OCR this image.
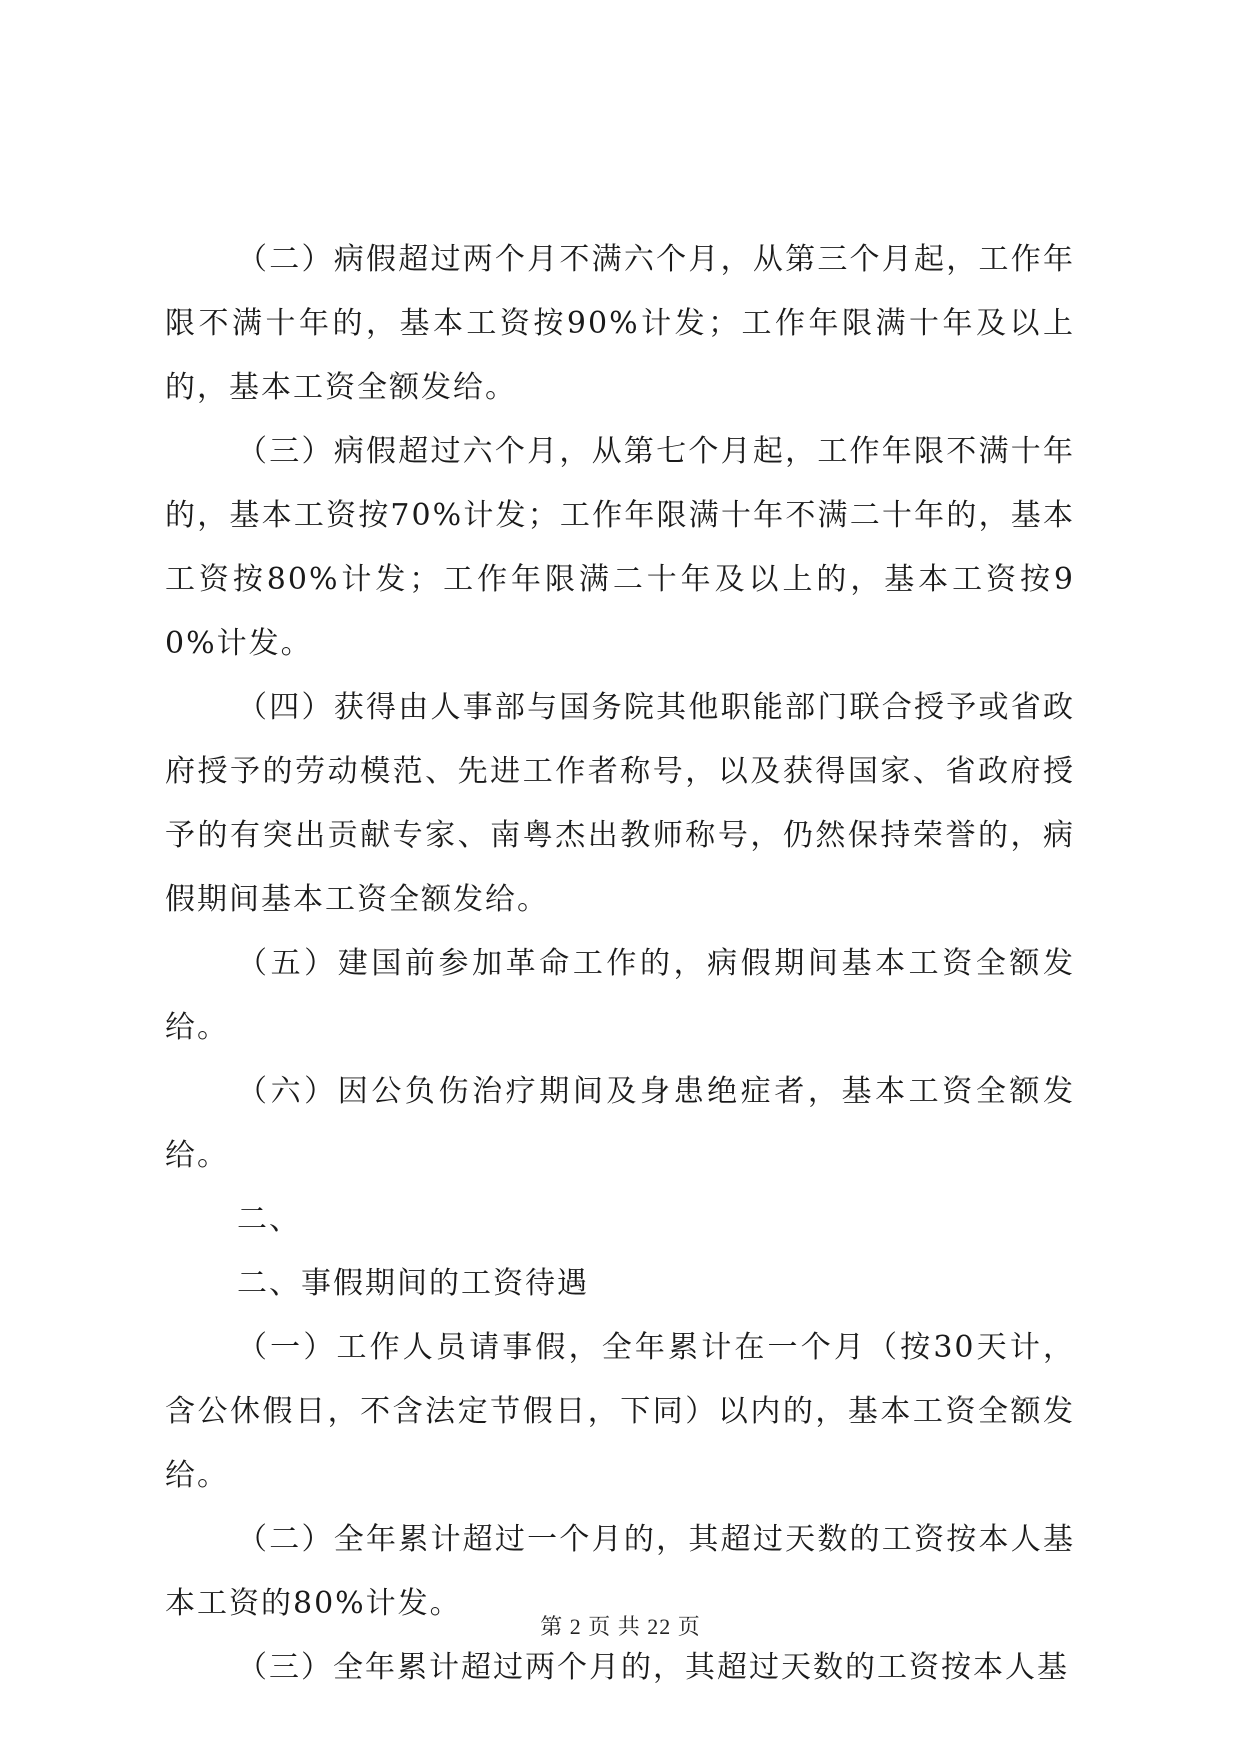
（二）病假超过两个月不满六个月，从第三个月起，工作年限不满十年的，基本工资按90%计发；工作年限满十年及以上的，基本工资全额发给。

（三）病假超过六个月，从第七个月起，工作年限不满十年的，基本工资按70%计发；工作年限满十年不满二十年的，基本工资按80%计发；工作年限满二十年及以上的，基本工资按90%计发。

（四）获得由人事部与国务院其他职能部门联合授予或省政府授予的劳动模范、先进工作者称号，以及获得国家、省政府授予的有突出贡献专家、南粤杰出教师称号，仍然保持荣誉的，病假期间基本工资全额发给。

（五）建国前参加革命工作的，病假期间基本工资全额发给。

（六）因公负伤治疗期间及身患绝症者，基本工资全额发给。

二、

二、事假期间的工资待遇

（一）工作人员请事假，全年累计在一个月（按30天计，含公休假日，不含法定节假日，下同）以内的，基本工资全额发给。

（二）全年累计超过一个月的，其超过天数的工资按本人基本工资的80%计发。

（三）全年累计超过两个月的，其超过天数的工资按本人基

第 2 页 共 22 页
